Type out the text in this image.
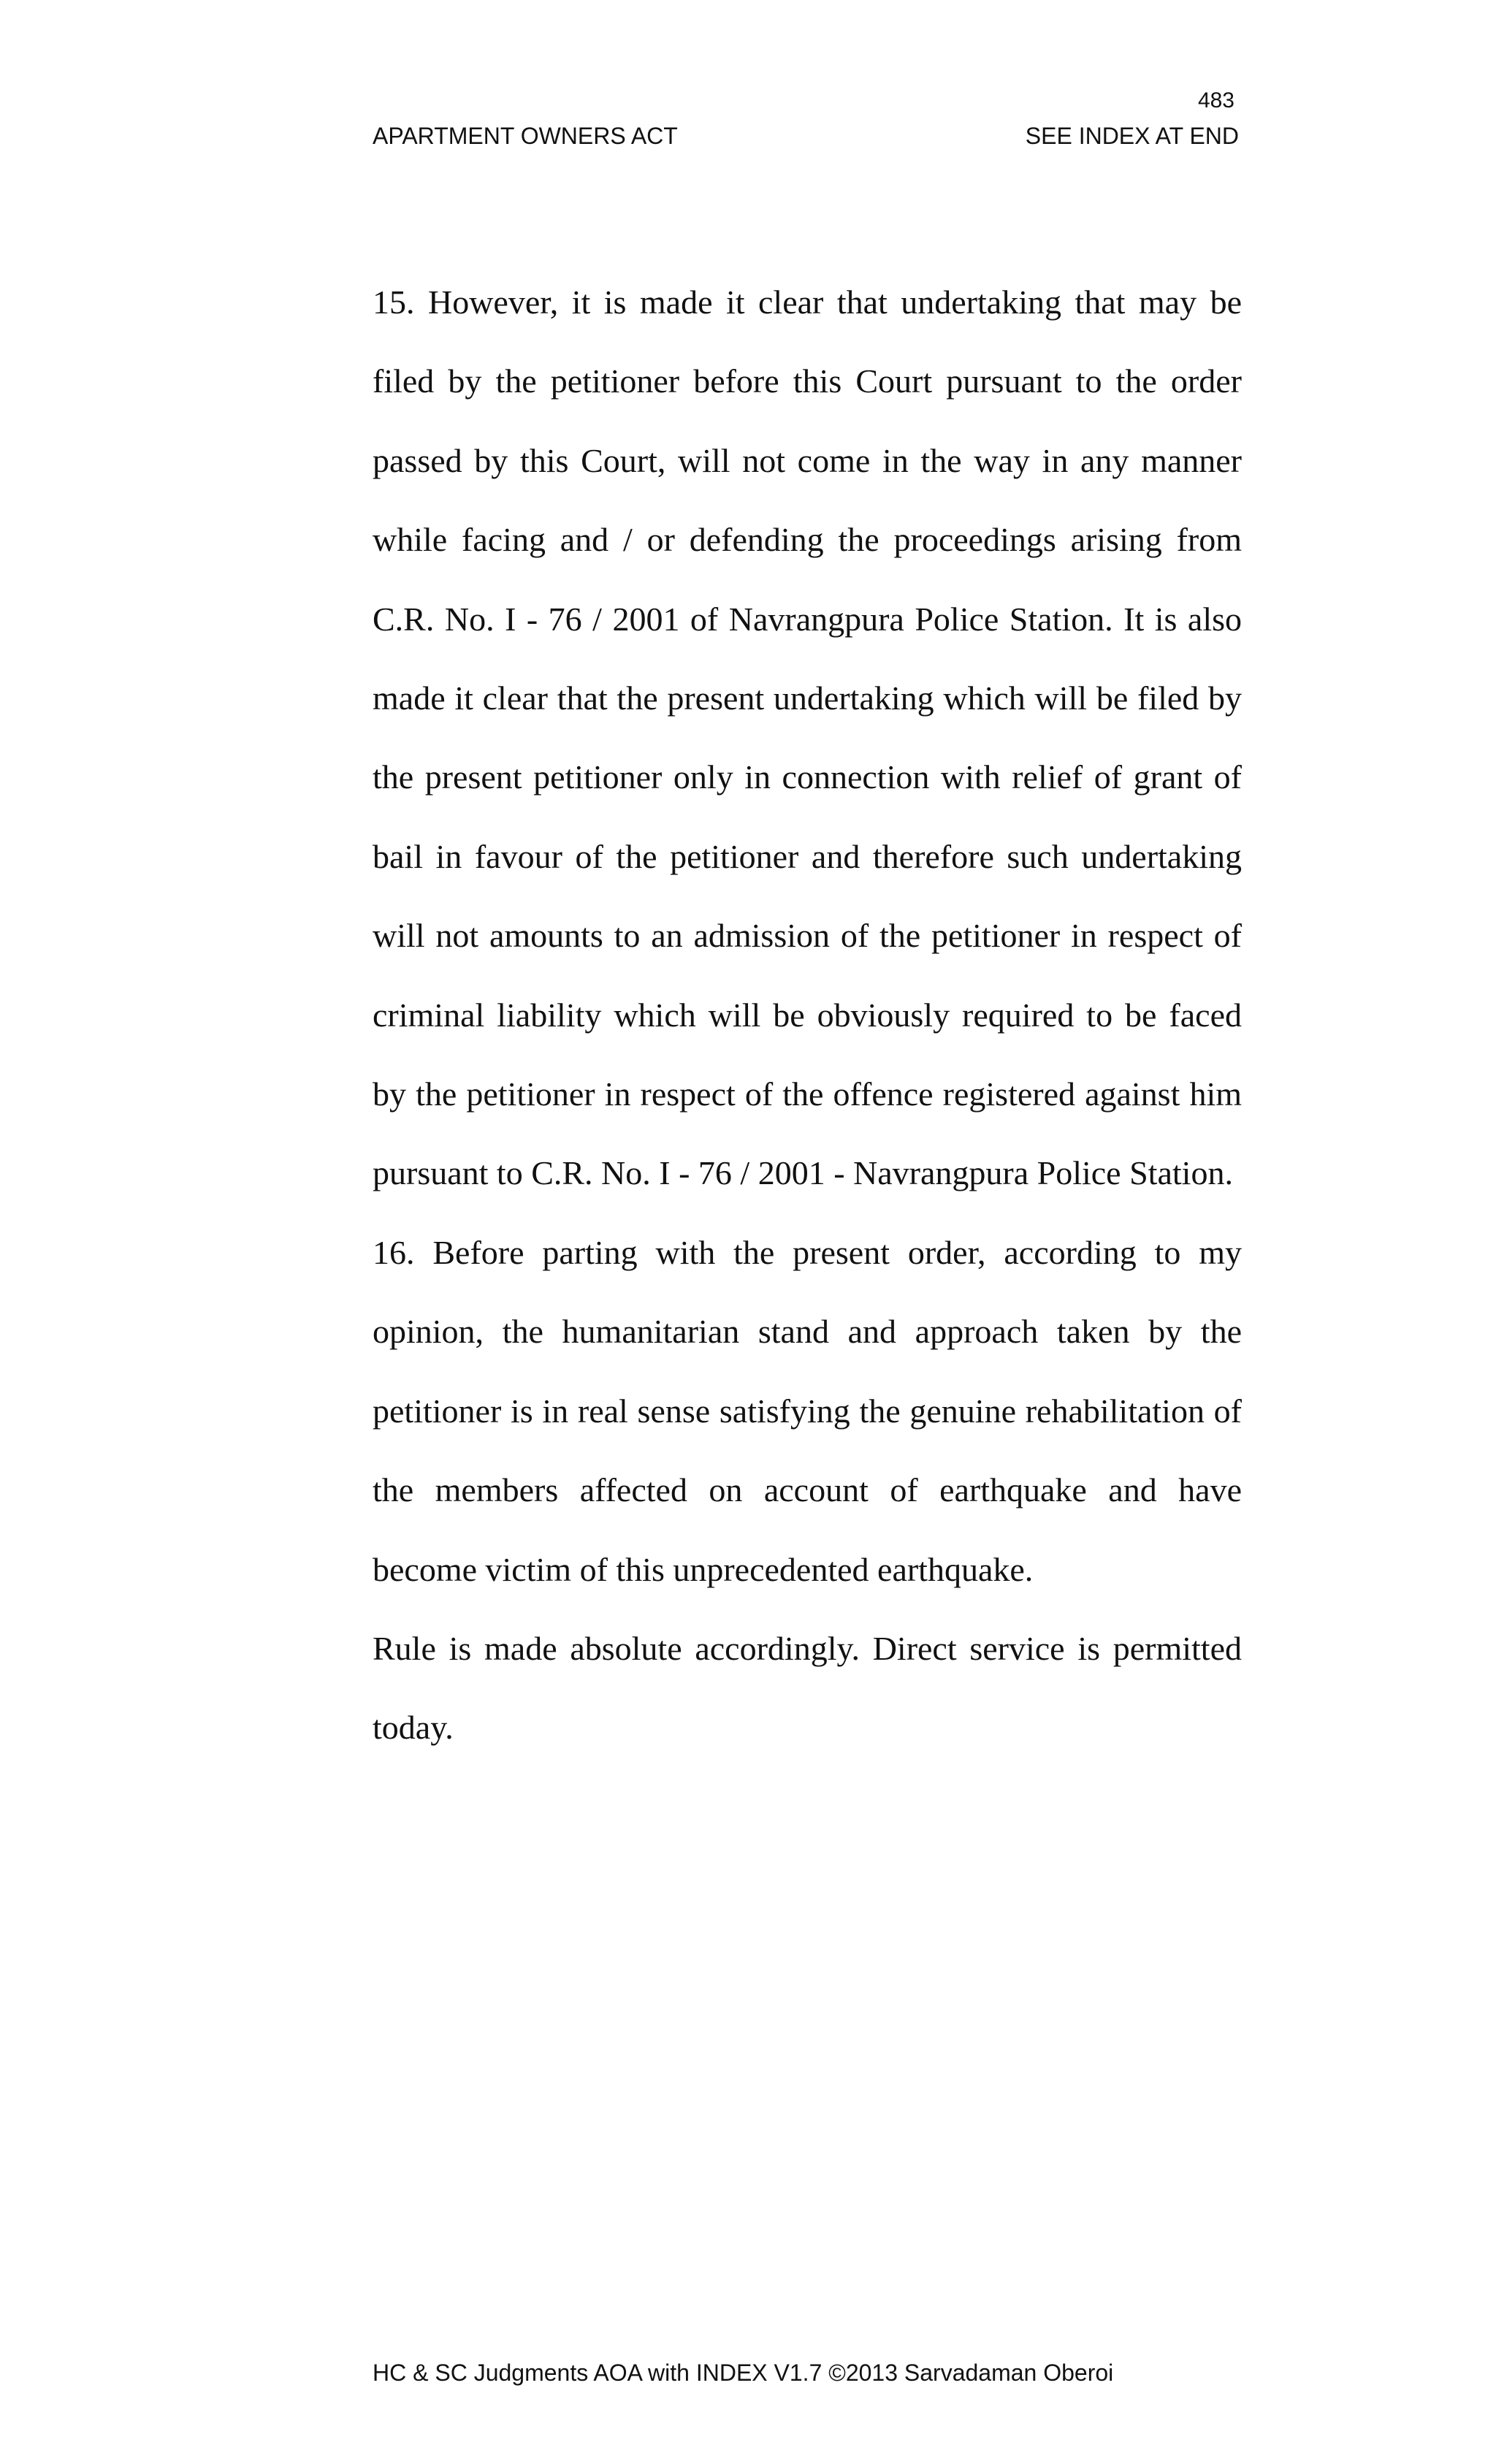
483
APARTMENT OWNERS ACT	SEE INDEX AT END

15. However, it is made it clear that undertaking that may be filed by the petitioner before this Court pursuant to the order passed by this Court, will not come in the way in any manner while facing and / or defending the proceedings arising from C.R. No. I - 76 / 2001 of Navrangpura Police Station. It is also made it clear that the present undertaking which will be filed by the present petitioner only in connection with relief of grant of bail in favour of the petitioner and therefore such undertaking will not amounts to an admission of the petitioner in respect of criminal liability which will be obviously required to be faced by the petitioner in respect of the offence registered against him pursuant to C.R. No. I - 76 / 2001 - Navrangpura Police Station.

16. Before parting with the present order, according to my opinion, the humanitarian stand and approach taken by the petitioner is in real sense satisfying the genuine rehabilitation of the members affected on account of earthquake and have become victim of this unprecedented earthquake.

Rule is made absolute accordingly. Direct service is permitted today.

HC & SC Judgments AOA with INDEX V1.7 ©2013 Sarvadaman Oberoi
